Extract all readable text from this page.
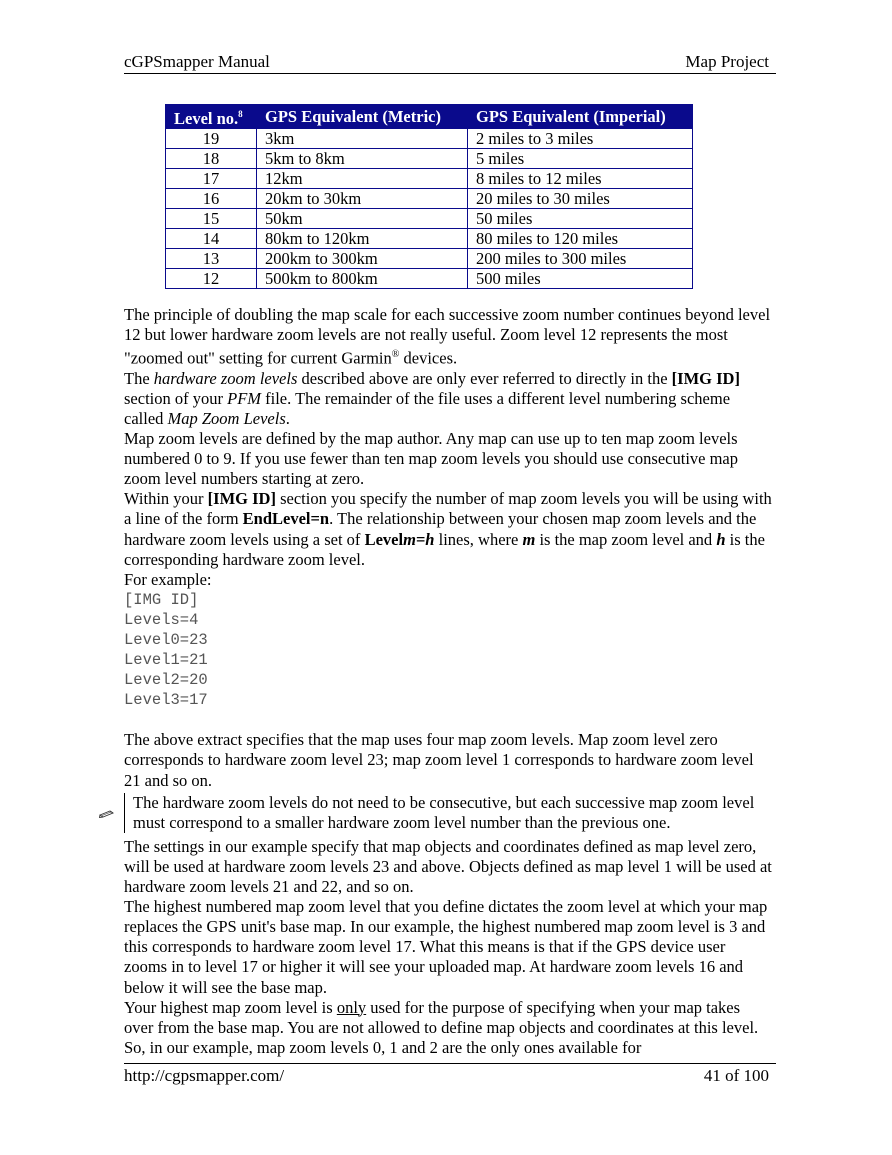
cGPSmapper Manual	Map Project
Level no.$^8$	GPS Equivalent (Metric)	GPS Equivalent (Imperial)
19	3km	2 miles to 3 miles
18	5km to 8km	5 miles
17	12km	8 miles to 12 miles
16	20km to 30km	20 miles to 30 miles
15	50km	50 miles
14	80km to 120km	80 miles to 120 miles
13	200km to 300km	200 miles to 300 miles
12	500km to 800km	500 miles

The principle of doubling the map scale for each successive zoom number continues beyond level 12 but lower hardware zoom levels are not really useful. Zoom level 12 represents the most "zoomed out" setting for current Garmin® devices.

The hardware zoom levels described above are only ever referred to directly in the [IMG ID] section of your PFM file. The remainder of the file uses a different level numbering scheme called Map Zoom Levels.

Map zoom levels are defined by the map author. Any map can use up to ten map zoom levels numbered 0 to 9. If you use fewer than ten map zoom levels you should use consecutive map zoom level numbers starting at zero.

Within your [IMG ID] section you specify the number of map zoom levels you will be using with a line of the form EndLevel=n. The relationship between your chosen map zoom levels and the hardware zoom levels using a set of Levelm=h lines, where m is the map zoom level and h is the corresponding hardware zoom level.

For example:

[IMG ID]
Levels=4
Level0=23
Level1=21
Level2=20
Level3=17

The above extract specifies that the map uses four map zoom levels. Map zoom level zero corresponds to hardware zoom level 23; map zoom level 1 corresponds to hardware zoom level 21 and so on.

The hardware zoom levels do not need to be consecutive, but each successive map zoom level must correspond to a smaller hardware zoom level number than the previous one.

The settings in our example specify that map objects and coordinates defined as map level zero, will be used at hardware zoom levels 23 and above. Objects defined as map level 1 will be used at hardware zoom levels 21 and 22, and so on.

The highest numbered map zoom level that you define dictates the zoom level at which your map replaces the GPS unit's base map. In our example, the highest numbered map zoom level is 3 and this corresponds to hardware zoom level 17. What this means is that if the GPS device user zooms in to level 17 or higher it will see your uploaded map. At hardware zoom levels 16 and below it will see the base map.

Your highest map zoom level is only used for the purpose of specifying when your map takes over from the base map. You are not allowed to define map objects and coordinates at this level. So, in our example, map zoom levels 0, 1 and 2 are the only ones available for

http://cgpsmapper.com/	41 of 100
